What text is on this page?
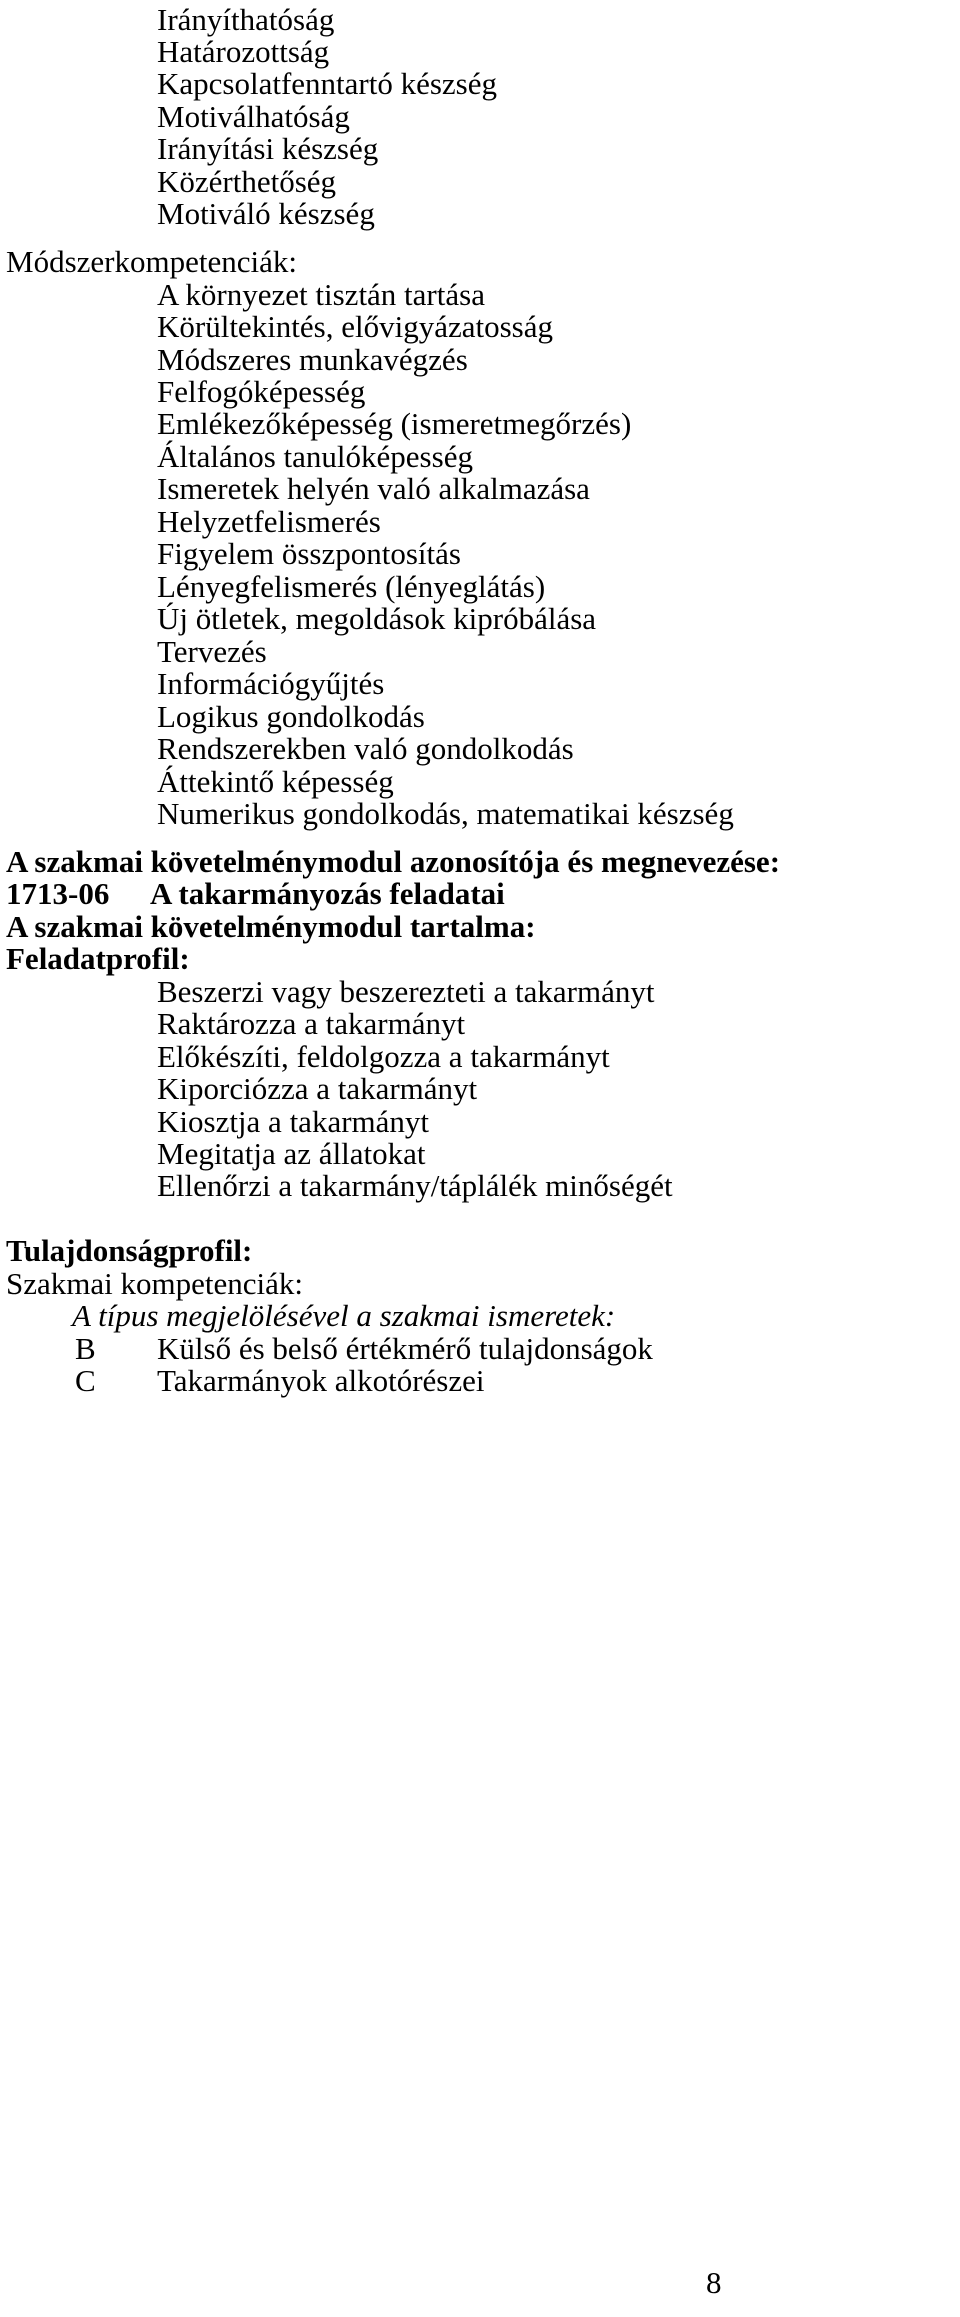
Irányíthatóság
Határozottság
Kapcsolatfenntartó készség
Motiválhatóság
Irányítási készség
Közérthetőség
Motiváló készség
Módszerkompetenciák:
A környezet tisztán tartása
Körültekintés, elővigyázatosság
Módszeres munkavégzés
Felfogóképesség
Emlékezőképesség (ismeretmegőrzés)
Általános tanulóképesség
Ismeretek helyén való alkalmazása
Helyzetfelismerés
Figyelem összpontosítás
Lényegfelismerés (lényeglátás)
Új ötletek, megoldások kipróbálása
Tervezés
Információgyűjtés
Logikus gondolkodás
Rendszerekben való gondolkodás
Áttekintő képesség
Numerikus gondolkodás, matematikai készség
A szakmai követelménymodul azonosítója és megnevezése:
1713-06 A takarmányozás feladatai
A szakmai követelménymodul tartalma:
Feladatprofil:
Beszerzi vagy beszerezteti a takarmányt
Raktározza a takarmányt
Előkészíti, feldolgozza a takarmányt
Kiporciózza a takarmányt
Kiosztja a takarmányt
Megitatja az állatokat
Ellenőrzi a takarmány/táplálék minőségét
Tulajdonságprofil:
Szakmai kompetenciák:
A típus megjelölésével a szakmai ismeretek:
B Külső és belső értékmérő tulajdonságok
C Takarmányok alkotórészei
8
